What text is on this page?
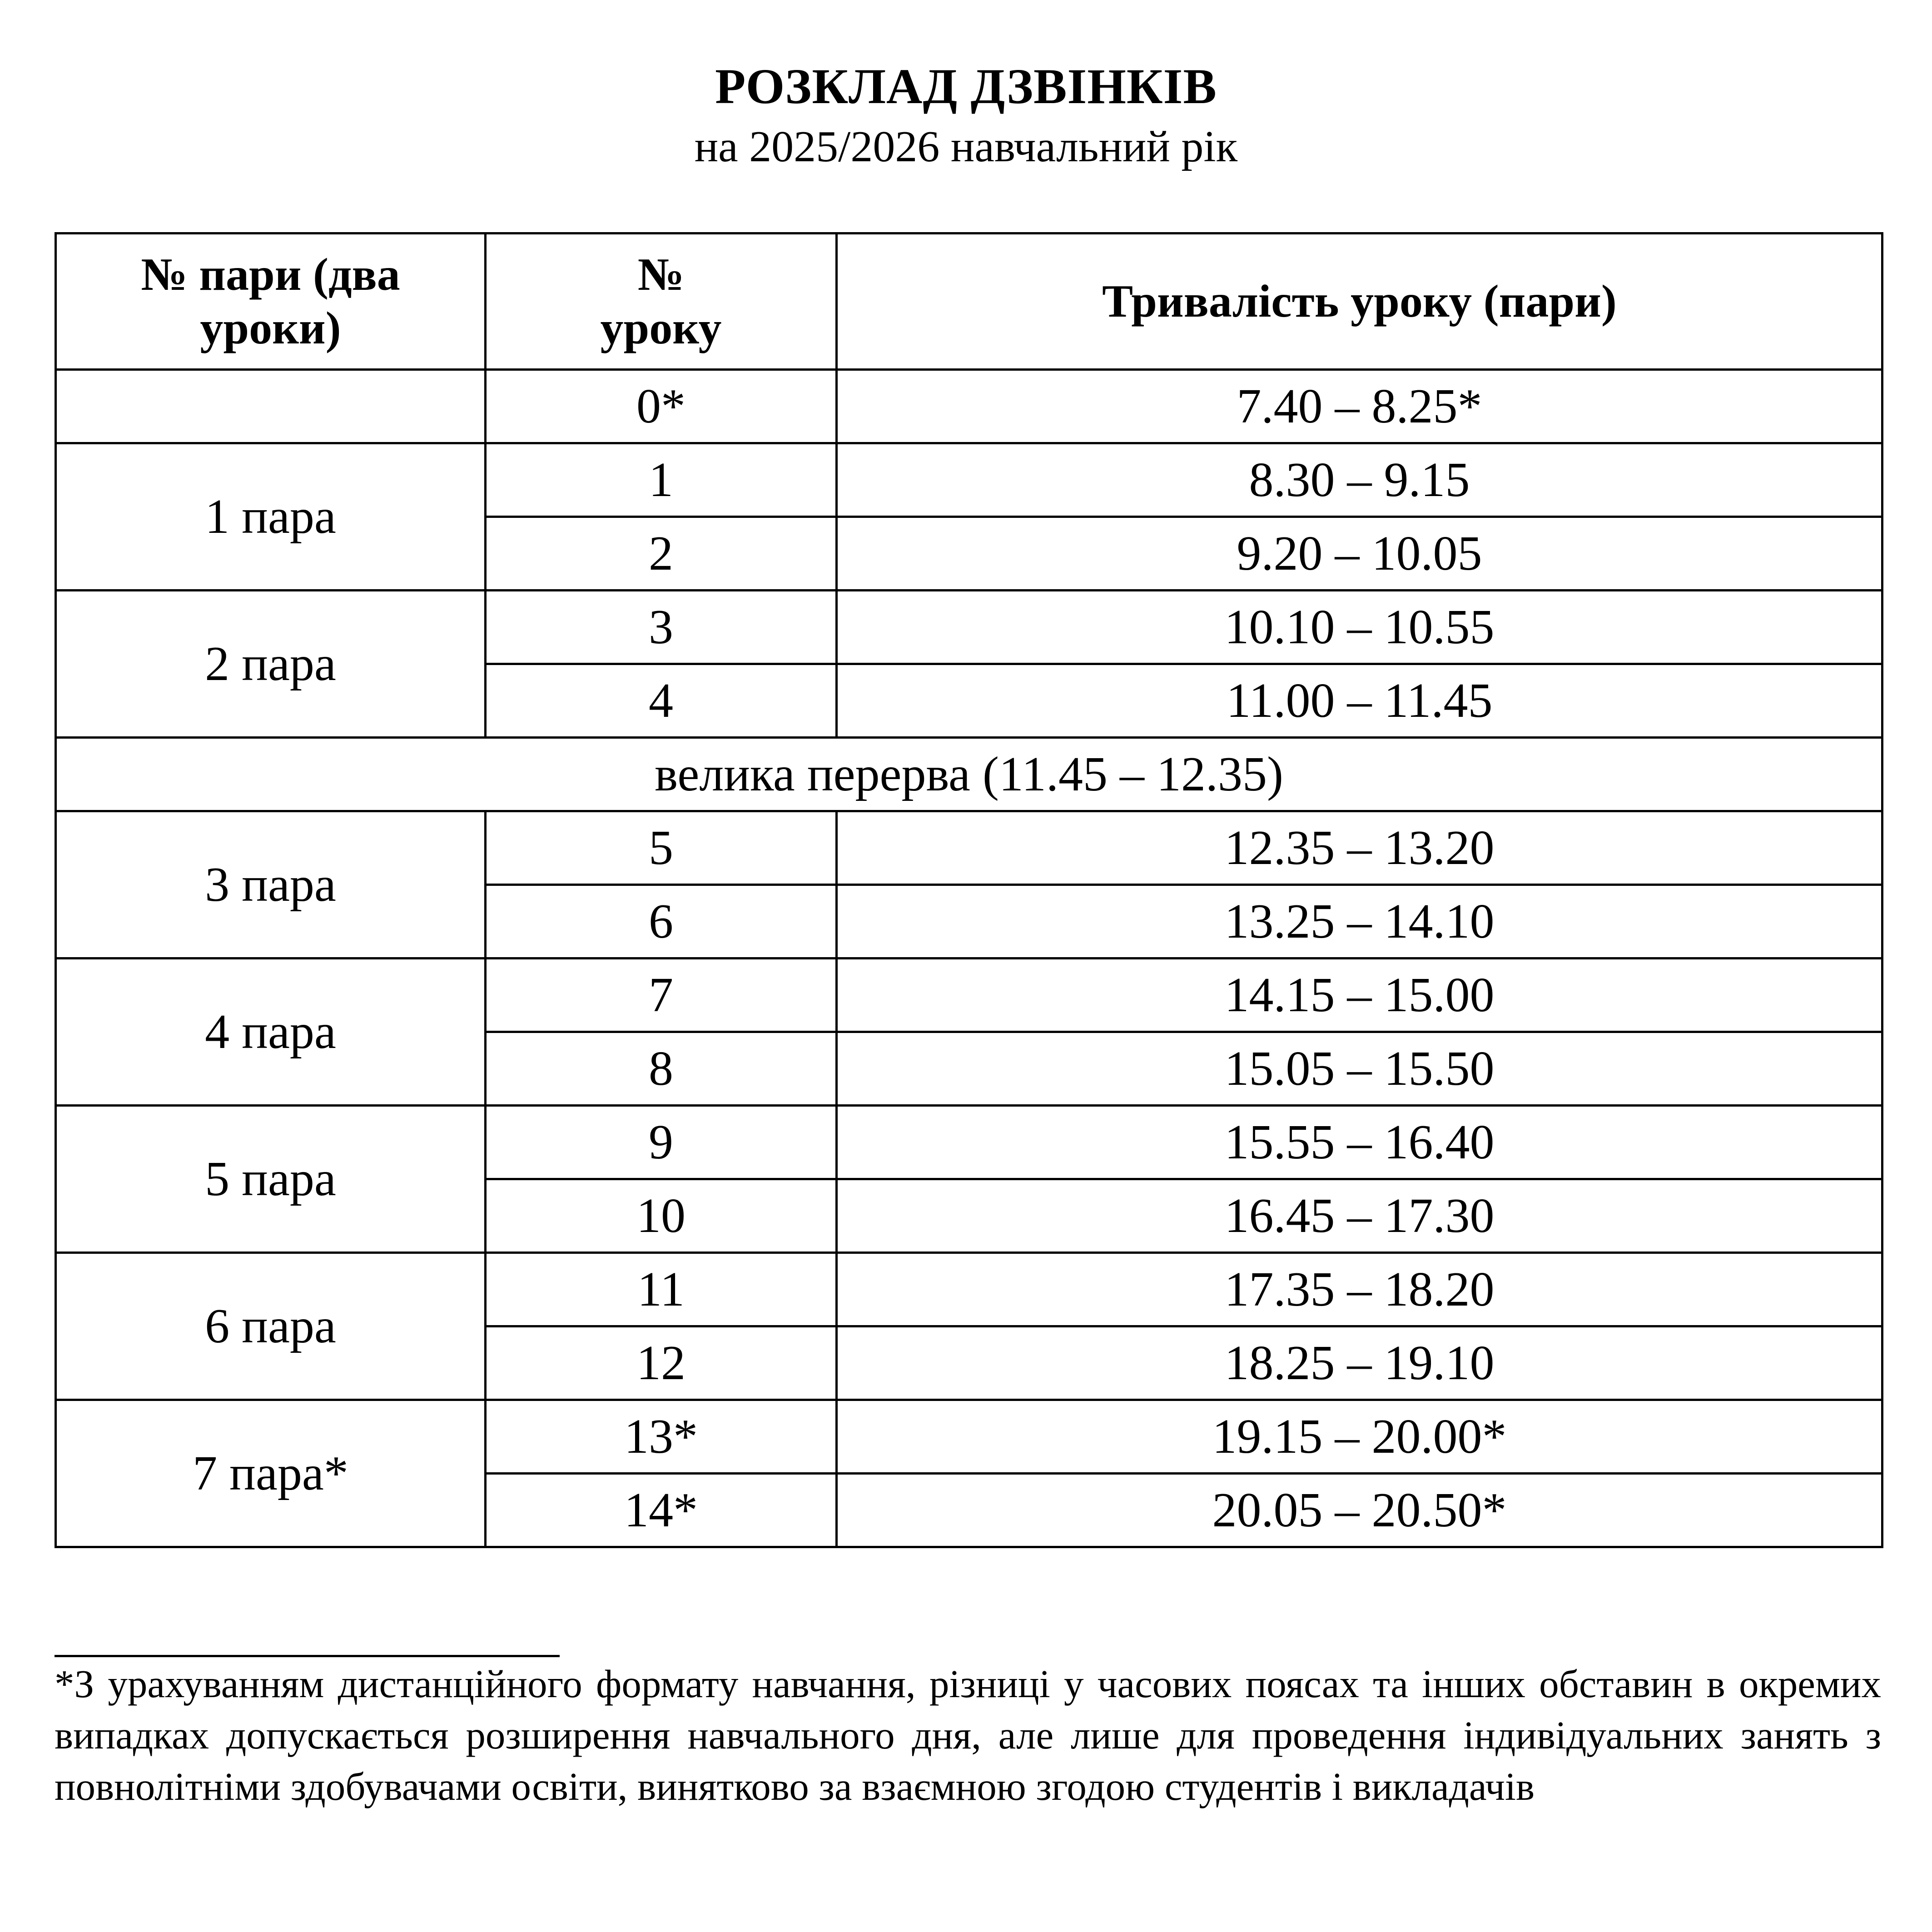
РОЗКЛАД ДЗВІНКІВ
на 2025/2026 навчальний рік
№ пари (два уроки)	№ уроку	Тривалість уроку (пари)

	0*	7.40 – 8.25*
1 пара	1	8.30 – 9.15
	2	9.20 – 10.05
2 пара	3	10.10 – 10.55
	4	11.00 – 11.45
велика перерва (11.45 – 12.35)		
3 пара	5	12.35 – 13.20
	6	13.25 – 14.10
4 пара	7	14.15 – 15.00
	8	15.05 – 15.50
5 пара	9	15.55 – 16.40
	10	16.45 – 17.30
6 пара	11	17.35 – 18.20
	12	18.25 – 19.10
7 пара*	13*	19.15 – 20.00*
	14*	20.05 – 20.50*
*З урахуванням дистанційного формату навчання, різниці у часових поясах та інших обставин в окремих випадках допускається розширення навчального дня, але лише для проведення індивідуальних занять з повнолітніми здобувачами освіти, винятково за взаємною згодою студентів і викладачів
